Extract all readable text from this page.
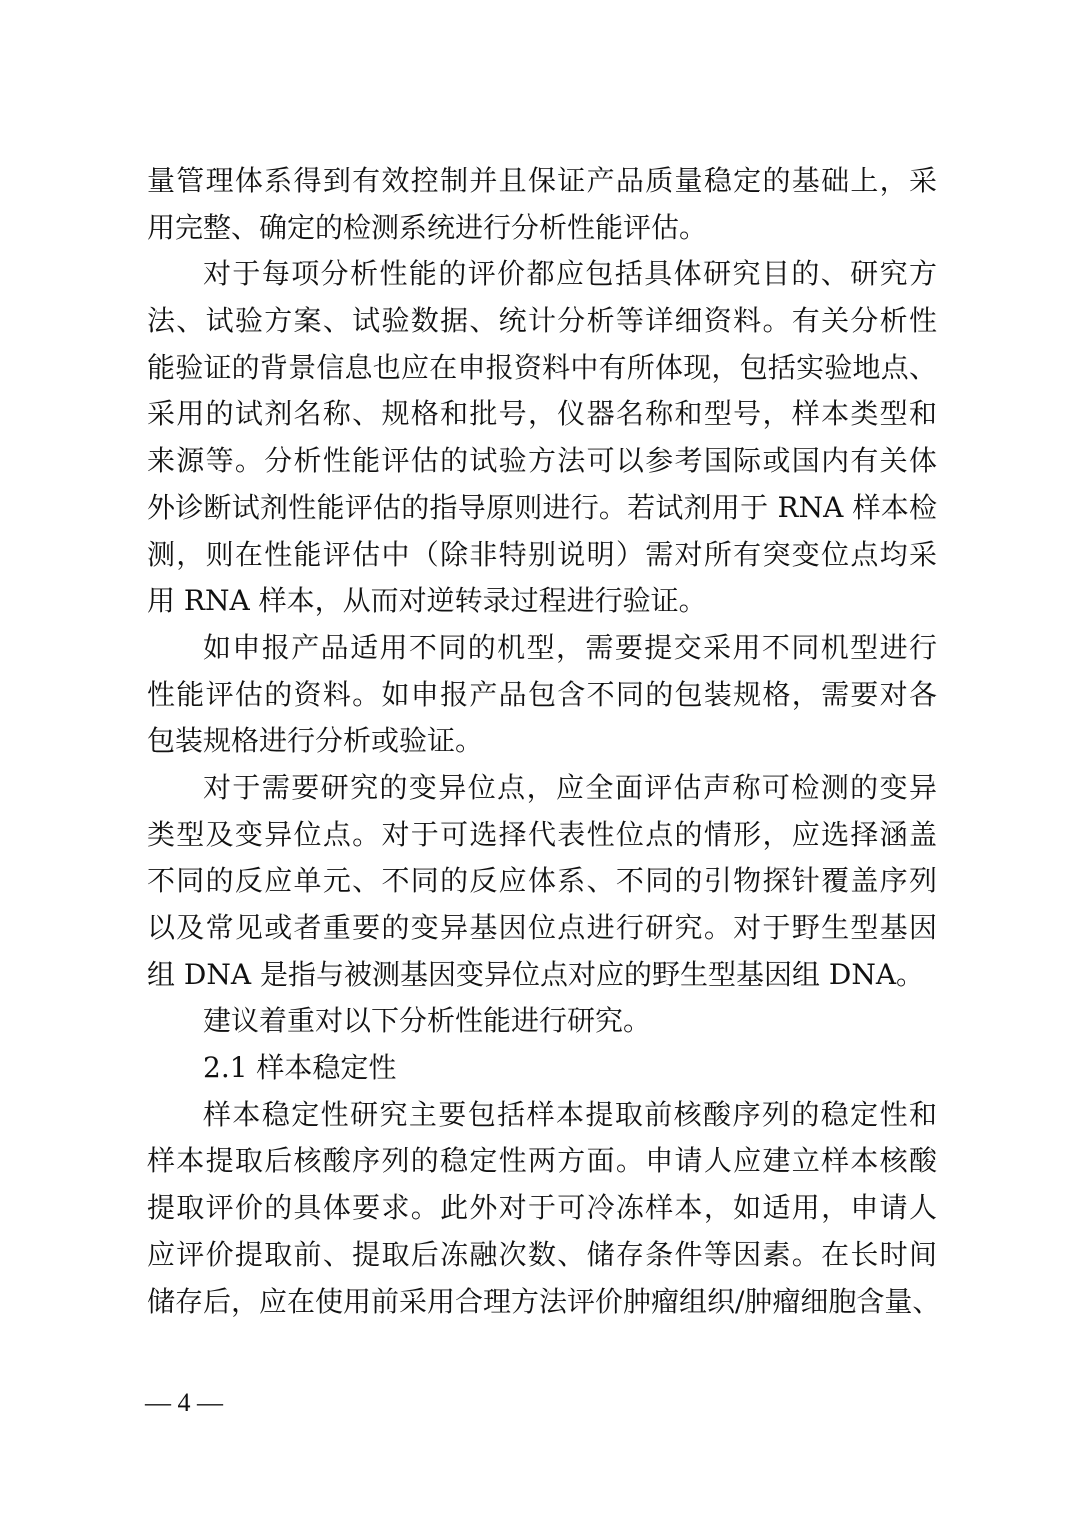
量管理体系得到有效控制并且保证产品质量稳定的基础上，采
用完整、确定的检测系统进行分析性能评估。
对于每项分析性能的评价都应包括具体研究目的、研究方
法、试验方案、试验数据、统计分析等详细资料。有关分析性
能验证的背景信息也应在申报资料中有所体现，包括实验地点、
采用的试剂名称、规格和批号，仪器名称和型号，样本类型和
来源等。分析性能评估的试验方法可以参考国际或国内有关体
外诊断试剂性能评估的指导原则进行。若试剂用于 RNA 样本检
测，则在性能评估中（除非特别说明）需对所有突变位点均采
用 RNA 样本，从而对逆转录过程进行验证。
如申报产品适用不同的机型，需要提交采用不同机型进行
性能评估的资料。如申报产品包含不同的包装规格，需要对各
包装规格进行分析或验证。
对于需要研究的变异位点，应全面评估声称可检测的变异
类型及变异位点。对于可选择代表性位点的情形，应选择涵盖
不同的反应单元、不同的反应体系、不同的引物探针覆盖序列
以及常见或者重要的变异基因位点进行研究。对于野生型基因
组 DNA 是指与被测基因变异位点对应的野生型基因组 DNA。
建议着重对以下分析性能进行研究。
2.1 样本稳定性
样本稳定性研究主要包括样本提取前核酸序列的稳定性和
样本提取后核酸序列的稳定性两方面。申请人应建立样本核酸
提取评价的具体要求。此外对于可冷冻样本，如适用，申请人
应评价提取前、提取后冻融次数、储存条件等因素。在长时间
储存后，应在使用前采用合理方法评价肿瘤组织/肿瘤细胞含量、
— 4 —
